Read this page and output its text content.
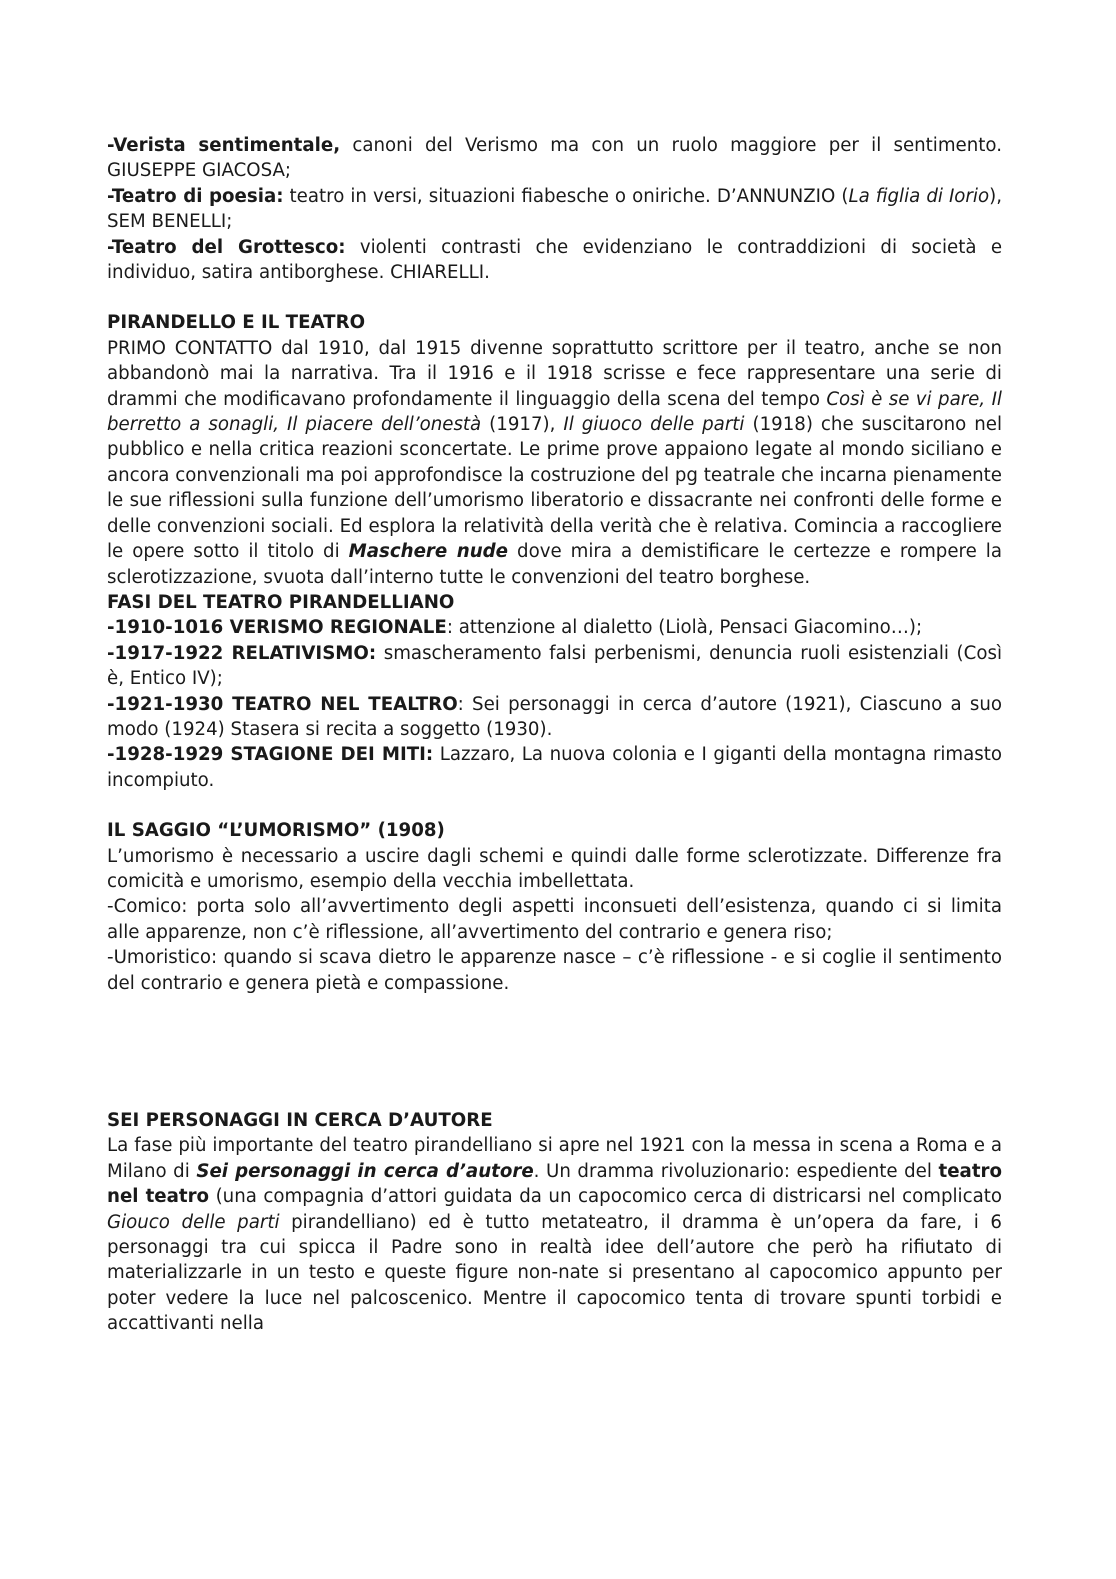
-Verista sentimentale, canoni del Verismo ma con un ruolo maggiore per il sentimento. GIUSEPPE GIACOSA;

-Teatro di poesia: teatro in versi, situazioni fiabesche o oniriche. D’ANNUNZIO (La figlia di Iorio), SEM BENELLI;

-Teatro del Grottesco: violenti contrasti che evidenziano le contraddizioni di società e individuo, satira antiborghese. CHIARELLI.

PIRANDELLO E IL TEATRO

PRIMO CONTATTO dal 1910, dal 1915 divenne soprattutto scrittore per il teatro, anche se non abbandonò mai la narrativa. Tra il 1916 e il 1918 scrisse e fece rappresentare una serie di drammi che modificavano profondamente il linguaggio della scena del tempo Così è se vi pare, Il berretto a sonagli, Il piacere dell’onestà (1917), Il giuoco delle parti (1918) che suscitarono nel pubblico e nella critica reazioni sconcertate. Le prime prove appaiono legate al mondo siciliano e ancora convenzionali ma poi approfondisce la costruzione del pg teatrale che incarna pienamente le sue riflessioni sulla funzione dell’umorismo liberatorio e dissacrante nei confronti delle forme e delle convenzioni sociali. Ed esplora la relatività della verità che è relativa. Comincia a raccogliere le opere sotto il titolo di Maschere nude dove mira a demistificare le certezze e rompere la sclerotizzazione, svuota dall’interno tutte le convenzioni del teatro borghese.

FASI DEL TEATRO PIRANDELLIANO

-1910-1016 VERISMO REGIONALE: attenzione al dialetto (Liolà, Pensaci Giacomino…);

-1917-1922 RELATIVISMO: smascheramento falsi perbenismi, denuncia ruoli esistenziali (Così è, Entico IV);

-1921-1930 TEATRO NEL TEALTRO: Sei personaggi in cerca d’autore (1921), Ciascuno a suo modo (1924) Stasera si recita a soggetto (1930).

-1928-1929 STAGIONE DEI MITI: Lazzaro, La nuova colonia e I giganti della montagna rimasto incompiuto.

IL SAGGIO “L’UMORISMO” (1908)

L’umorismo è necessario a uscire dagli schemi e quindi dalle forme sclerotizzate. Differenze fra comicità e umorismo, esempio della vecchia imbellettata.

-Comico: porta solo all’avvertimento degli aspetti inconsueti dell’esistenza, quando ci si limita alle apparenze, non c’è riflessione, all’avvertimento del contrario e genera riso;

-Umoristico: quando si scava dietro le apparenze nasce – c’è riflessione - e si coglie il sentimento del contrario e genera pietà e compassione.

SEI PERSONAGGI IN CERCA D’AUTORE

La fase più importante del teatro pirandelliano si apre nel 1921 con la messa in scena a Roma e a Milano di Sei personaggi in cerca d’autore. Un dramma rivoluzionario: espediente del teatro nel teatro (una compagnia d’attori guidata da un capocomico cerca di districarsi nel complicato Giouco delle parti pirandelliano) ed è tutto metateatro, il dramma è un’opera da fare, i 6 personaggi tra cui spicca il Padre sono in realtà idee dell’autore che però ha rifiutato di materializzarle in un testo e queste figure non-nate si presentano al capocomico appunto per poter vedere la luce nel palcoscenico. Mentre il capocomico tenta di trovare spunti torbidi e accattivanti nella
